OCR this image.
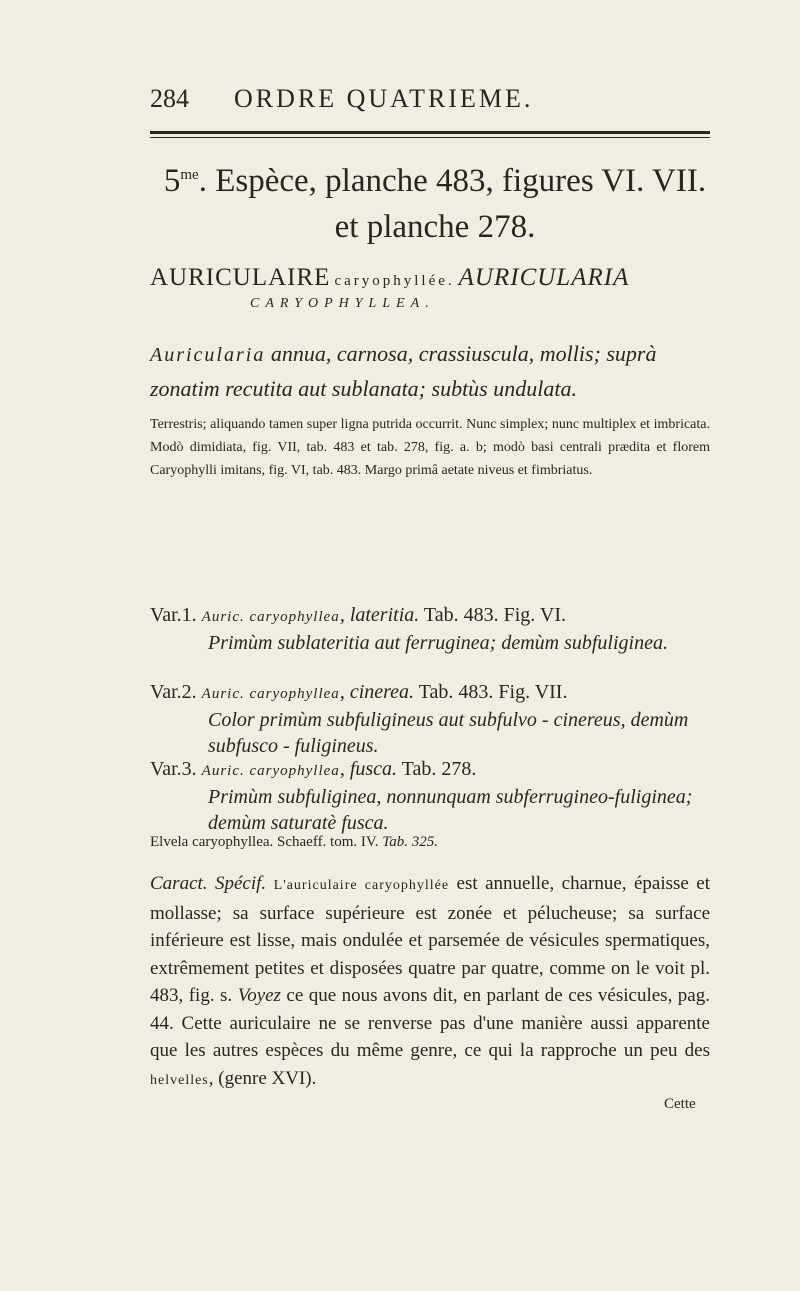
284 ORDRE QUATRIEME.
$5^{me}$. Espèce, planche 483, figures VI. VII. et planche 278.
AURICULAIRE caryophyllée. AURICULARIA
CARYOPHYLLEA.
Auricularia annua, carnosa, crassiuscula, mollis; suprà zonatim recutita aut sublanata; subtùs undulata.
Terrestris; aliquando tamen super ligna putrida occurrit. Nunc simplex; nunc multiplex et imbricata. Modò dimidiata, fig. VII, tab. 483 et tab. 278, fig. a. b; modò basi centrali prædita et florem Caryophylli imitans, fig. VI, tab. 483. Margo primâ aetate niveus et fimbriatus.
Var.1. Auric. caryophyllea, lateritia. Tab. 483. Fig. VI.
Primùm sublateritia aut ferruginea; demùm subfuliginea.
Var.2. Auric. caryophyllea, cinerea. Tab. 483. Fig. VII.
Color primùm subfuligineus aut subfulvo - cinereus, demùm subfusco - fuligineus.
Var.3. Auric. caryophyllea, fusca. Tab. 278.
Primùm subfuliginea, nonnunquam subferrugineo-fuliginea; demùm saturatè fusca.
Elvela caryophyllea. Schaeff. tom. IV. Tab. 325.
Caract. Spécif. L'auriculaire caryophyllée est annuelle, charnue, épaisse et mollasse; sa surface supérieure est zonée et pélucheuse; sa surface inférieure est lisse, mais ondulée et parsemée de vésicules spermatiques, extrêmement petites et disposées quatre par quatre, comme on le voit pl. 483, fig. s. Voyez ce que nous avons dit, en parlant de ces vésicules, pag. 44. Cette auriculaire ne se renverse pas d'une manière aussi apparente que les autres espèces du même genre, ce qui la rapproche un peu des helvelles, (genre XVI).
Cette
